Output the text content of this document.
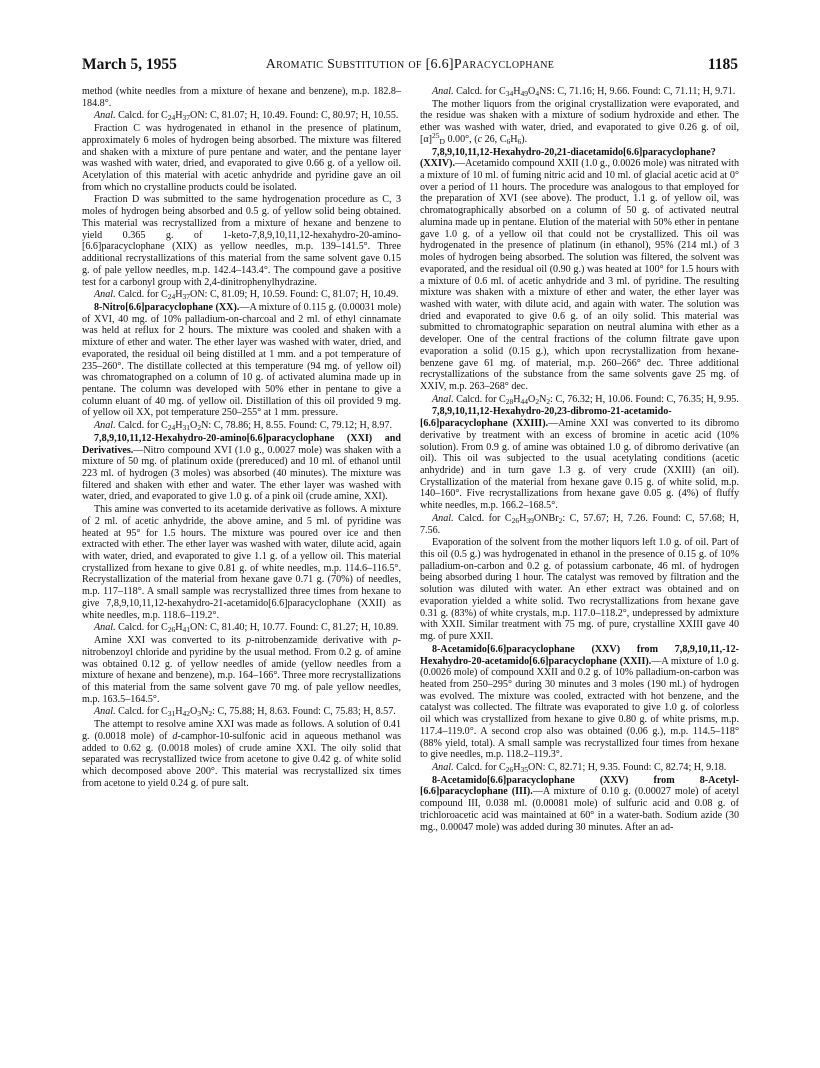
March 5, 1955	Aromatic Substitution of [6.6]Paracyclophane	1185

method (white needles from a mixture of hexane and benzene), m.p. 182.8–184.8°.

Anal. Calcd. for $C_{24}H_{37}ON$: C, 81.07; H, 10.49. Found: C, 80.97; H, 10.55.

Fraction C was hydrogenated in ethanol in the presence of platinum, approximately 6 moles of hydrogen being absorbed. The mixture was filtered and shaken with a mixture of pure pentane and water, and the pentane layer was washed with water, dried, and evaporated to give 0.66 g. of a yellow oil. Acetylation of this material with acetic anhydride and pyridine gave an oil from which no crystalline products could be isolated.

Fraction D was submitted to the same hydrogenation procedure as C, 3 moles of hydrogen being absorbed and 0.5 g. of yellow solid being obtained. This material was recrystallized from a mixture of hexane and benzene to yield 0.365 g. of 1-keto-7,8,9,10,11,12-hexahydro-20-amino-[6.6]paracyclophane (XIX) as yellow needles, m.p. 139–141.5°. Three additional recrystallizations of this material from the same solvent gave 0.15 g. of pale yellow needles, m.p. 142.4–143.4°. The compound gave a positive test for a carbonyl group with 2,4-dinitrophenylhydrazine.

Anal. Calcd. for $C_{24}H_{37}ON$: C, 81.09; H, 10.59. Found: C, 81.07; H, 10.49.

8-Nitro[6.6]paracyclophane (XX).—A mixture of 0.115 g. (0.00031 mole) of XVI, 40 mg. of 10% palladium-on-charcoal and 2 ml. of ethyl cinnamate was held at reflux for 2 hours. The mixture was cooled and shaken with a mixture of ether and water. The ether layer was washed with water, dried, and evaporated, the residual oil being distilled at 1 mm. and a pot temperature of 235–260°. The distillate collected at this temperature (94 mg. of yellow oil) was chromatographed on a column of 10 g. of activated alumina made up in pentane. The column was developed with 50% ether in pentane to give a column eluant of 40 mg. of yellow oil. Distillation of this oil provided 9 mg. of yellow oil XX, pot temperature 250–255° at 1 mm. pressure.

Anal. Calcd. for $C_{24}H_{31}O_2N$: C, 78.86; H, 8.55. Found: C, 79.12; H, 8.97.

7,8,9,10,11,12-Hexahydro-20-amino[6.6]paracyclophane (XXI) and Derivatives.—Nitro compound XVI (1.0 g., 0.0027 mole) was shaken with a mixture of 50 mg. of platinum oxide (prereduced) and 10 ml. of ethanol until 223 ml. of hydrogen (3 moles) was absorbed (40 minutes). The mixture was filtered and shaken with ether and water. The ether layer was washed with water, dried, and evaporated to give 1.0 g. of a pink oil (crude amine, XXI).

This amine was converted to its acetamide derivative as follows. A mixture of 2 ml. of acetic anhydride, the above amine, and 5 ml. of pyridine was heated at 95° for 1.5 hours. The mixture was poured over ice and then extracted with ether. The ether layer was washed with water, dilute acid, again with water, dried, and evaporated to give 1.1 g. of a yellow oil. This material crystallized from hexane to give 0.81 g. of white needles, m.p. 114.6–116.5°. Recrystallization of the material from hexane gave 0.71 g. (70%) of needles, m.p. 117–118°. A small sample was recrystallized three times from hexane to give 7,8,9,10,11,12-hexahydro-21-acetamido[6.6]paracyclophane (XXII) as white needles, m.p. 118.6–119.2°.

Anal. Calcd. for $C_{26}H_{41}ON$: C, 81.40; H, 10.77. Found: C, 81.27; H, 10.89.

Amine XXI was converted to its p-nitrobenzamide derivative with p-nitrobenzoyl chloride and pyridine by the usual method. From 0.2 g. of amine was obtained 0.12 g. of yellow needles of amide (yellow needles from a mixture of hexane and benzene), m.p. 164–166°. Three more recrystallizations of this material from the same solvent gave 70 mg. of pale yellow needles, m.p. 163.5–164.5°.

Anal. Calcd. for $C_{31}H_{42}O_3N_2$: C, 75.88; H, 8.63. Found: C, 75.83; H, 8.57.

The attempt to resolve amine XXI was made as follows. A solution of 0.41 g. (0.0018 mole) of d-camphor-10-sulfonic acid in aqueous methanol was added to 0.62 g. (0.0018 moles) of crude amine XXI. The oily solid that separated was recrystallized twice from acetone to give 0.42 g. of white solid which decomposed above 200°. This material was recrystallized six times from acetone to yield 0.24 g. of pure salt.

Anal. Calcd. for $C_{34}H_{49}O_4NS$: C, 71.16; H, 9.66. Found: C, 71.11; H, 9.71.

The mother liquors from the original crystallization were evaporated, and the residue was shaken with a mixture of sodium hydroxide and ether. The ether was washed with water, dried, and evaporated to give 0.26 g. of oil, $[\alpha]^{25}_D$ 0.00°, (c 26, $C_6H_6$).

7,8,9,10,11,12-Hexahydro-20,21-diacetamido[6.6]paracyclophane? (XXIV).—Acetamido compound XXII (1.0 g., 0.0026 mole) was nitrated with a mixture of 10 ml. of fuming nitric acid and 10 ml. of glacial acetic acid at 0° over a period of 11 hours. The procedure was analogous to that employed for the preparation of XVI (see above). The product, 1.1 g. of yellow oil, was chromatographically absorbed on a column of 50 g. of activated neutral alumina made up in pentane. Elution of the material with 50% ether in pentane gave 1.0 g. of a yellow oil that could not be crystallized. This oil was hydrogenated in the presence of platinum (in ethanol), 95% (214 ml.) of 3 moles of hydrogen being absorbed. The solution was filtered, the solvent was evaporated, and the residual oil (0.90 g.) was heated at 100° for 1.5 hours with a mixture of 0.6 ml. of acetic anhydride and 3 ml. of pyridine. The resulting mixture was shaken with a mixture of ether and water, the ether layer was washed with water, with dilute acid, and again with water. The solution was dried and evaporated to give 0.6 g. of an oily solid. This material was submitted to chromatographic separation on neutral alumina with ether as a developer. One of the central fractions of the column filtrate gave upon evaporation a solid (0.15 g.), which upon recrystallization from hexane-benzene gave 61 mg. of material, m.p. 260–266° dec. Three additional recrystallizations of the substance from the same solvents gave 25 mg. of XXIV, m.p. 263–268° dec.

Anal. Calcd. for $C_{28}H_{44}O_2N_2$: C, 76.32; H, 10.06. Found: C, 76.35; H, 9.95.

7,8,9,10,11,12-Hexahydro-20,23-dibromo-21-acetamido-[6.6]paracyclophane (XXIII).—Amine XXI was converted to its dibromo derivative by treatment with an excess of bromine in acetic acid (10% solution). From 0.9 g. of amine was obtained 1.0 g. of dibromo derivative (an oil). This oil was subjected to the usual acetylating conditions (acetic anhydride) and in turn gave 1.3 g. of very crude (XXIII) (an oil). Crystallization of the material from hexane gave 0.15 g. of white solid, m.p. 140–160°. Five recrystallizations from hexane gave 0.05 g. (4%) of fluffy white needles, m.p. 166.2–168.5°.

Anal. Calcd. for $C_{26}H_{39}ONBr_2$: C, 57.67; H, 7.26. Found: C, 57.68; H, 7.56.

Evaporation of the solvent from the mother liquors left 1.0 g. of oil. Part of this oil (0.5 g.) was hydrogenated in ethanol in the presence of 0.15 g. of 10% palladium-on-carbon and 0.2 g. of potassium carbonate, 46 ml. of hydrogen being absorbed during 1 hour. The catalyst was removed by filtration and the solution was diluted with water. An ether extract was obtained and on evaporation yielded a white solid. Two recrystallizations from hexane gave 0.31 g. (83%) of white crystals, m.p. 117.0–118.2°, undepressed by admixture with XXII. Similar treatment with 75 mg. of pure, crystalline XXIII gave 40 mg. of pure XXII.

8-Acetamido[6.6]paracyclophane (XXV) from 7,8,9,10,11,-12-Hexahydro-20-acetamido[6.6]paracyclophane (XXII).—A mixture of 1.0 g. (0.0026 mole) of compound XXII and 0.2 g. of 10% palladium-on-carbon was heated from 250–295° during 30 minutes and 3 moles (190 ml.) of hydrogen was evolved. The mixture was cooled, extracted with hot benzene, and the catalyst was collected. The filtrate was evaporated to give 1.0 g. of colorless oil which was crystallized from hexane to give 0.80 g. of white prisms, m.p. 117.4–119.0°. A second crop also was obtained (0.06 g.), m.p. 114.5–118° (88% yield, total). A small sample was recrystallized four times from hexane to give needles, m.p. 118.2–119.3°.

Anal. Calcd. for $C_{26}H_{35}ON$: C, 82.71; H, 9.35. Found: C, 82.74; H, 9.18.

8-Acetamido[6.6]paracyclophane (XXV) from 8-Acetyl-[6.6]paracyclophane (III).—A mixture of 0.10 g. (0.00027 mole) of acetyl compound III, 0.038 ml. (0.00081 mole) of sulfuric acid and 0.08 g. of trichloroacetic acid was maintained at 60° in a water-bath. Sodium azide (30 mg., 0.00047 mole) was added during 30 minutes. After an ad-
